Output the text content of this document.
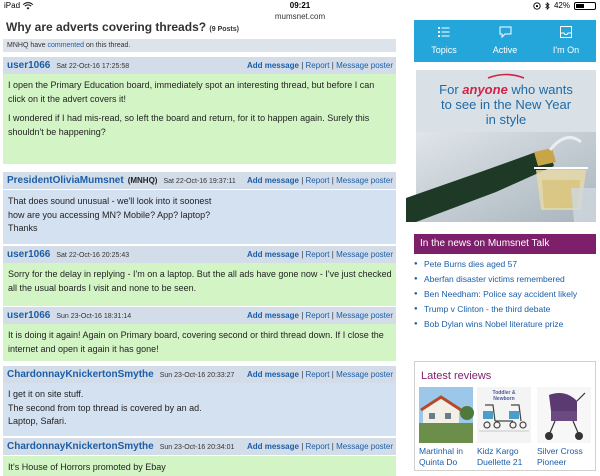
iPad	09:21	42%
mumsnet.com
Why are adverts covering threads? (9 Posts)
MNHQ have commented on this thread.
user1066 Sat 22-Oct-16 17:25:58	Add message | Report | Message poster

I open the Primary Education board, immediately spot an interesting thread, but before I can click on it the advert covers it!

I wondered if I had mis-read, so left the board and return, for it to happen again. Surely this shouldn't be happening?

PresidentOliviaMumsnet (MNHQ) Sat 22-Oct-16 19:37:11 Add message | Report | Message poster

That does sound unusual - we'll look into it soonest
how are you accessing MN? Mobile? App? laptop?
Thanks

user1066 Sat 22-Oct-16 20:25:43	Add message | Report | Message poster

Sorry for the delay in replying - I'm on a laptop. But the all ads have gone now - I've just checked all the usual boards I visit and none to be seen.

user1066 Sun 23-Oct-16 18:31:14	Add message | Report | Message poster

It is doing it again! Again on Primary board, covering second or third thread down. If I close the internet and open it again it has gone!

ChardonnayKnickertonSmythe Sun 23-Oct-16 20:33:27 Add message | Report | Message poster

I get it on site stuff.
The second from top thread is covered by an ad.
Laptop, Safari.

ChardonnayKnickertonSmythe Sun 23-Oct-16 20:34:01 Add message | Report | Message poster

It's House of Horrors promoted by Ebay

Topics	Active	I'm On
For anyone who wants
to see in the New Year
in style
In the news on Mumsnet Talk
● Pete Burns dies aged 57
● Aberfan disaster victims remembered
● Ben Needham: Police say accident likely
● Trump v Clinton - the third debate
● Bob Dylan wins Nobel literature prize
Latest reviews
Martinhal in
Quinta Do
Toddler & Newborn
Kidz Kargo
Duellette 21
Silver Cross
Pioneer
